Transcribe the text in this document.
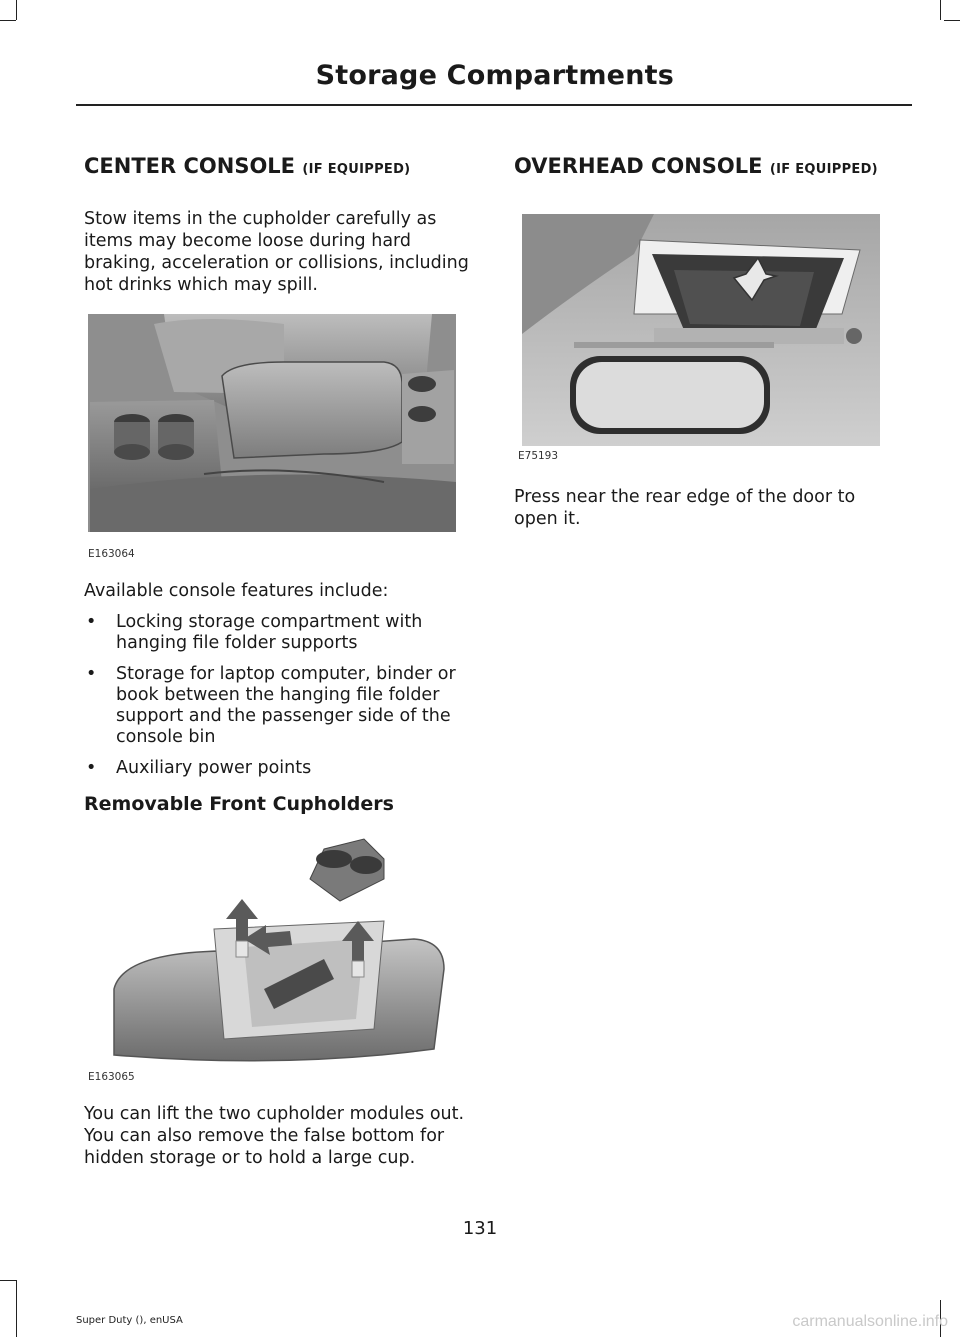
Storage Compartments
CENTER CONSOLE (IF EQUIPPED)

Stow items in the cupholder carefully as items may become loose during hard braking, acceleration or collisions, including hot drinks which may spill.

E163064

Available console features include:

• Locking storage compartment with hanging file folder supports
• Storage for laptop computer, binder or book between the hanging file folder support and the passenger side of the console bin
• Auxiliary power points
Removable Front Cupholders
E163065

You can lift the two cupholder modules out. You can also remove the false bottom for hidden storage or to hold a large cup.

OVERHEAD CONSOLE (IF EQUIPPED)
E75193

Press near the rear edge of the door to open it.

131
Super Duty (), enUSA	carmanualsonline.info
